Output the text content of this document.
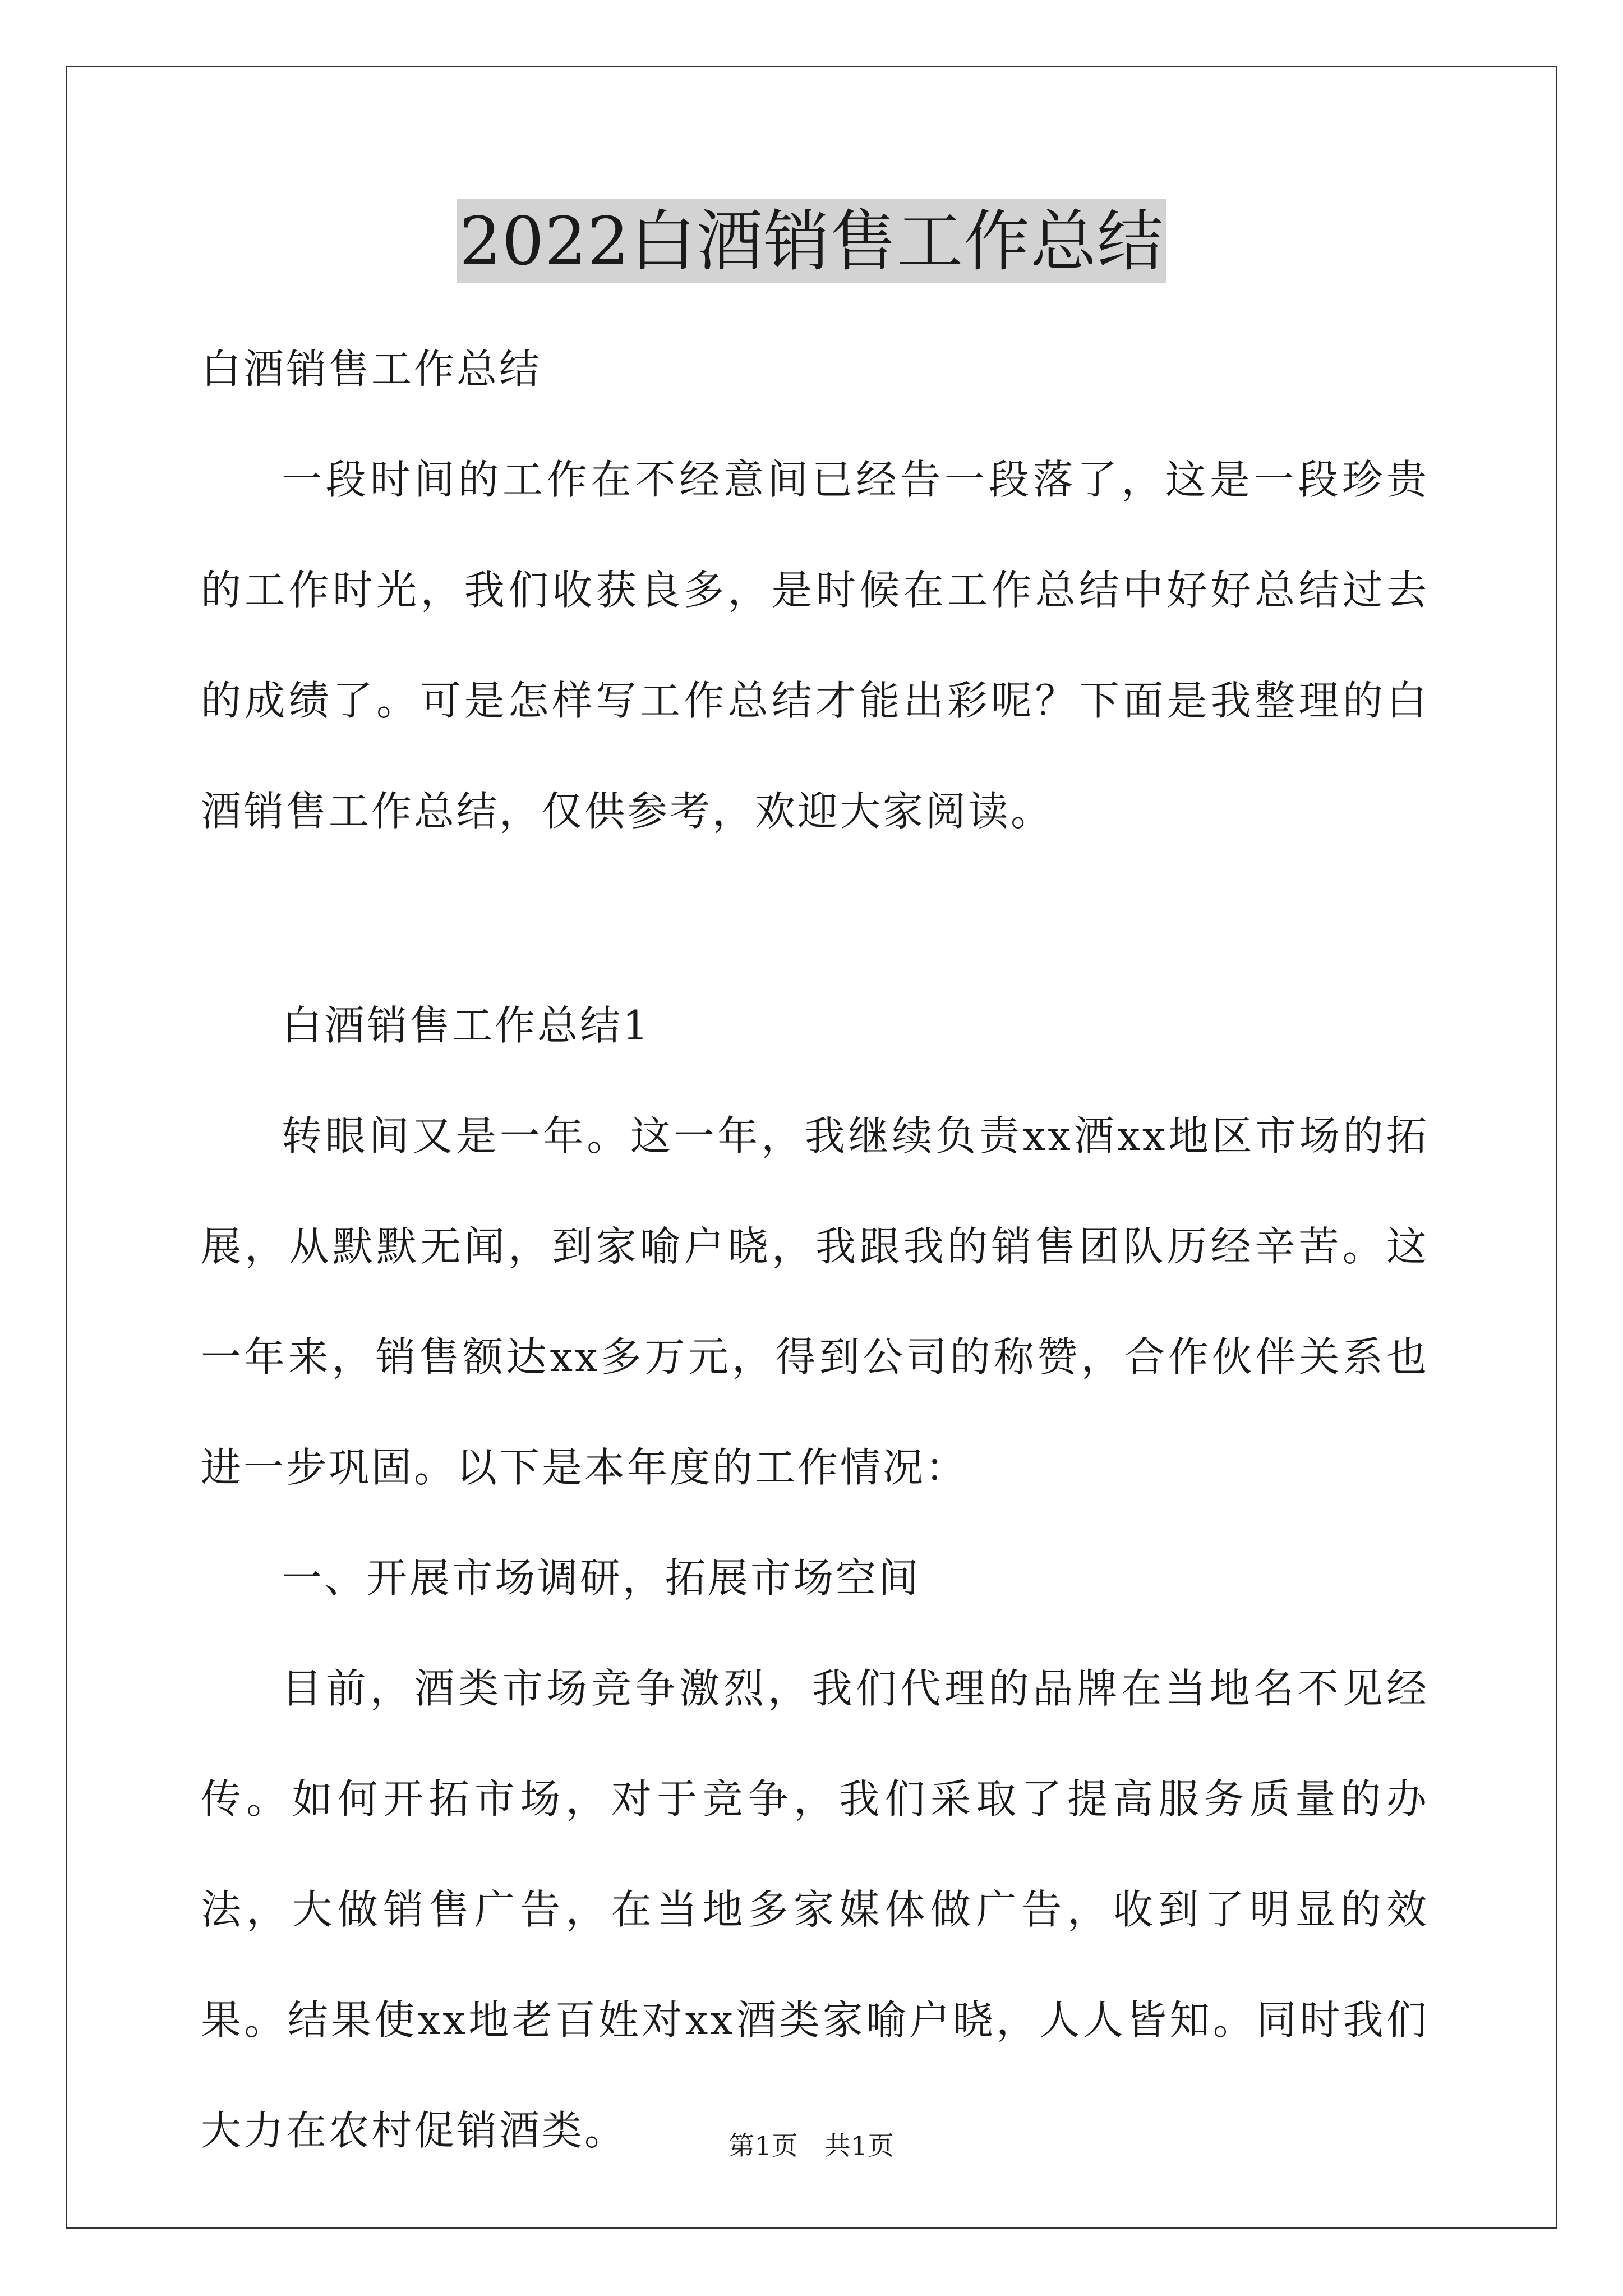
2022白酒销售工作总结

白酒销售工作总结

一段时间的工作在不经意间已经告一段落了，这是一段珍贵的工作时光，我们收获良多，是时候在工作总结中好好总结过去的成绩了。可是怎样写工作总结才能出彩呢？下面是我整理的白酒销售工作总结，仅供参考，欢迎大家阅读。

白酒销售工作总结1

转眼间又是一年。这一年，我继续负责xx酒xx地区市场的拓展，从默默无闻，到家喻户晓，我跟我的销售团队历经辛苦。这一年来，销售额达xx多万元，得到公司的称赞，合作伙伴关系也进一步巩固。以下是本年度的工作情况：

一、开展市场调研，拓展市场空间

目前，酒类市场竞争激烈，我们代理的品牌在当地名不见经传。如何开拓市场，对于竞争，我们采取了提高服务质量的办法，大做销售广告，在当地多家媒体做广告，收到了明显的效果。结果使xx地老百姓对xx酒类家喻户晓，人人皆知。同时我们大力在农村促销酒类。	第1页　共1页
